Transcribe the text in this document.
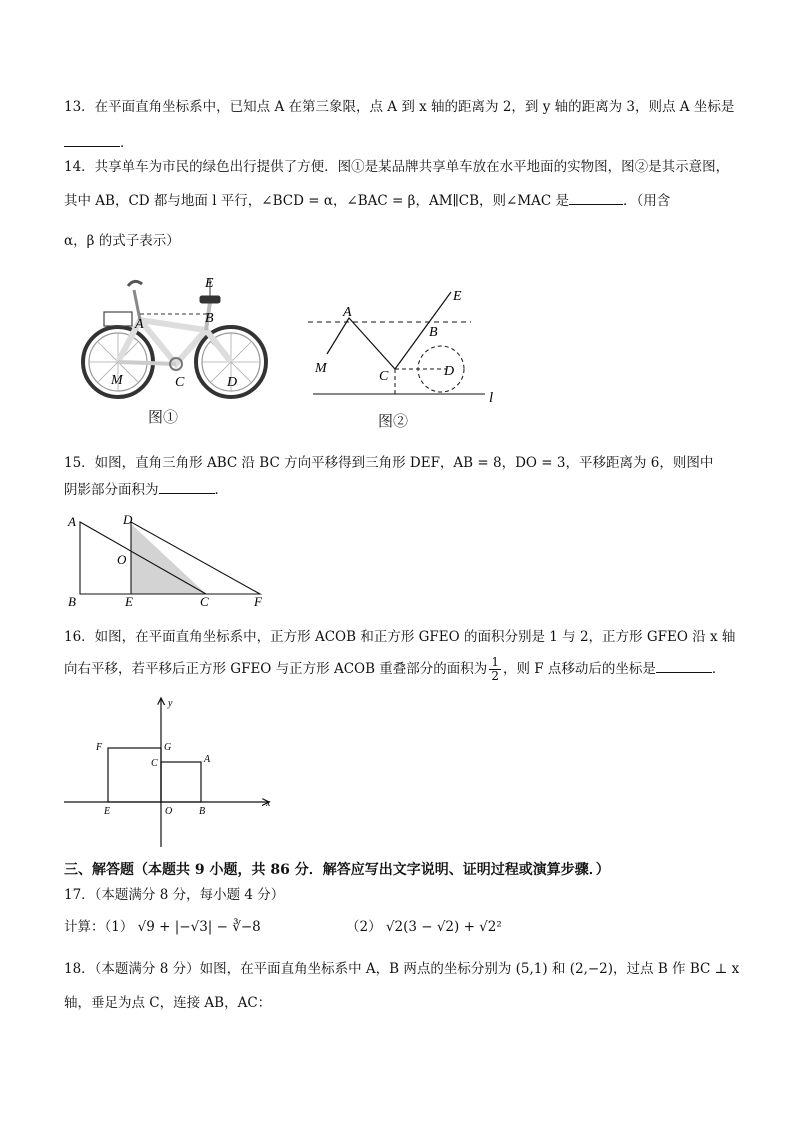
13．在平面直角坐标系中，已知点 A 在第三象限，点 A 到 x 轴的距离为 2，到 y 轴的距离为 3，则点 A 坐标是
．
14．共享单车为市民的绿色出行提供了方便．图①是某品牌共享单车放在水平地面的实物图，图②是其示意图，
其中 AB，CD 都与地面 l 平行，∠BCD = α，∠BAC = β，AM∥CB，则∠MAC 是	．（用含
α，β 的式子表示）
E
A	B
M	C	D
图①
E
A
B
M
C	D
l
图②
15．如图，直角三角形 ABC 沿 BC 方向平移得到三角形 DEF，AB = 8，DO = 3，平移距离为 6，则图中
阴影部分面积为	．
A	D
O
B	E	C	F
16．如图，在平面直角坐标系中，正方形 ACOB 和正方形 GFEO 的面积分别是 1 与 2，正方形 GFEO 沿 x 轴
向右平移，若平移后正方形 GFEO 与正方形 ACOB 重叠部分的面积为 $\frac{1}{2}$ ，则 F 点移动后的坐标是	．
y
F	G
C	A
E	O	B
x
三、解答题（本题共 9 小题，共 86 分．解答应写出文字说明、证明过程或演算步骤．）
17．（本题满分 8 分，每小题 4 分）
计算：（1） √9 + |−√3| − ∛−8	（2） √2(3 − √2) + √2²
18．（本题满分 8 分）如图，在平面直角坐标系中 A，B 两点的坐标分别为 (5,1) 和 (2,−2)，过点 B 作 BC ⊥ x
轴，垂足为点 C，连接 AB，AC：
